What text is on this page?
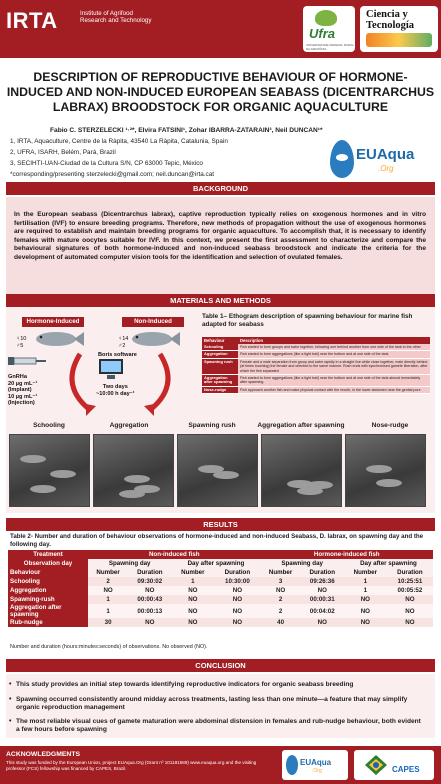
IRTA	Institute of Agrifood Research and Technology
Ufra
UNIVERSIDADE FEDERAL RURAL DA AMAZÔNIA
Ciencia y Tecnología
DESCRIPTION OF REPRODUCTIVE BEHAVIOUR OF HORMONE-INDUCED AND NON-INDUCED EUROPEAN SEABASS (DICENTRARCHUS LABRAX) BROODSTOCK FOR ORGANIC AQUACULTURE
Fabio C. STERZELECKI ¹·²*, Elvira FATSINI¹, Zohar IBARRA-ZATARAIN³, Neil DUNCAN¹*
1, IRTA, Aquaculture, Centre de la Ràpita, 43540 La Ràpita, Catalunia, Spain
2, UFRA, ISARH, Belém, Pará, Brazil
3, SECIHTI-UAN-Ciudad de la Cultura S/N, CP 63000 Tepic, México
*corresponding/presenting sterzelecki@gmail.com; neil.duncan@irta.cat
EUAqua
.Org
BACKGROUND
In the European seabass (Dicentrarchus labrax), captive reproduction typically relies on exogenous hormones and in vitro fertilisation (IVF) to ensure breeding programs. Therefore, new methods of propagation without the use of exogenous hormones are required to establish and maintain breeding programs for organic aquaculture. To accomplish that, it is necessary to identify females with mature oocytes suitable for IVF. In this context, we present the first assessment to characterize and compare the behavioural signatures of both hormone-induced and non-induced seabass broodstock and indicate the criteria for the development of automated computer vision tools for the identification and selection of ovulated females.
MATERIALS AND METHODS
Hormone-Induced	Non-Induced
♀10
♂5
♀14
♂2
GnRHa
20 µg mL⁻¹
(Implant)
10 µg mL⁻¹
(Injection)
Boris software
Two days
~10:00 h day⁻¹
Table 1– Ethogram description of spawning behaviour for marine fish adapted for seabass
Behaviour	Description
Schooling	Fish started to form groups and swim together, following one behind another from one side of the tank to the other
Aggregation	Fish started to form aggregations (like a tight ball) near the bottom and at one side of the tank
Spawning rush	Female and a male separation from group and swim rapidly in a straight line while close together, male directly behind (at times touching) the female and oriented to the same manner. Rush ends with synchronised gamete liberation, after which the fish separated
Aggregation after spawning	Fish started to form aggregations (like a tight ball) near the bottom and at one side of the tank almost immediately after spawning
Nose-rudge	Fish approach another fish and make physical contact with the mouth, in the lower abdomen near the genital pore
Schooling	Aggregation	Spawning rush	Aggregation after spawning	Nose-rudge
RESULTS
Table 2- Number and duration of behaviour observations of hormone-induced and non-induced Seabass, D. labrax, on spawning day and the following day.
Treatment	Non-induced fish				Hormone-induced fish			
Observation day	Spawning day		Day after spawning		Spawning day		Day after spawning	
Behaviour	Number	Duration	Number	Duration	Number	Duration	Number	Duration
Schooling	2	09:30:02	1	10:30:00	3	09:26:36	1	10:25:51
Aggregation	NO	NO	NO	NO	NO	NO	1	00:05:52
Spawning-rush	1	00:00:43	NO	NO	2	00:00:31	NO	NO
Aggregation after spawning	1	00:00:13	NO	NO	2	00:04:02	NO	NO
Rub-nudge	30	NO	NO	NO	40	NO	NO	NO
Number and duration (hours:minutes:seconds) of observations. No observed (NO).
CONCLUSION
• This study provides an initial step towards identifying reproductive indicators for organic seabass breeding
• Spawning occurred consistently around midday across treatments, lasting less than one minute—a feature that may simplify organic reproduction management
• The most reliable visual cues of gamete maturation were abdominal distension in females and rub-nudge behaviour, both evident a few hours before spawning
ACKNOWLEDGMENTS
This study was funded by the European Union, project EUAqua.Org (Grant nº 101181589) www.euaqua.org and the visiting professor (FCS) fellowship was financed by CAPES, Brazil.
EUAqua
.Org	CAPES
